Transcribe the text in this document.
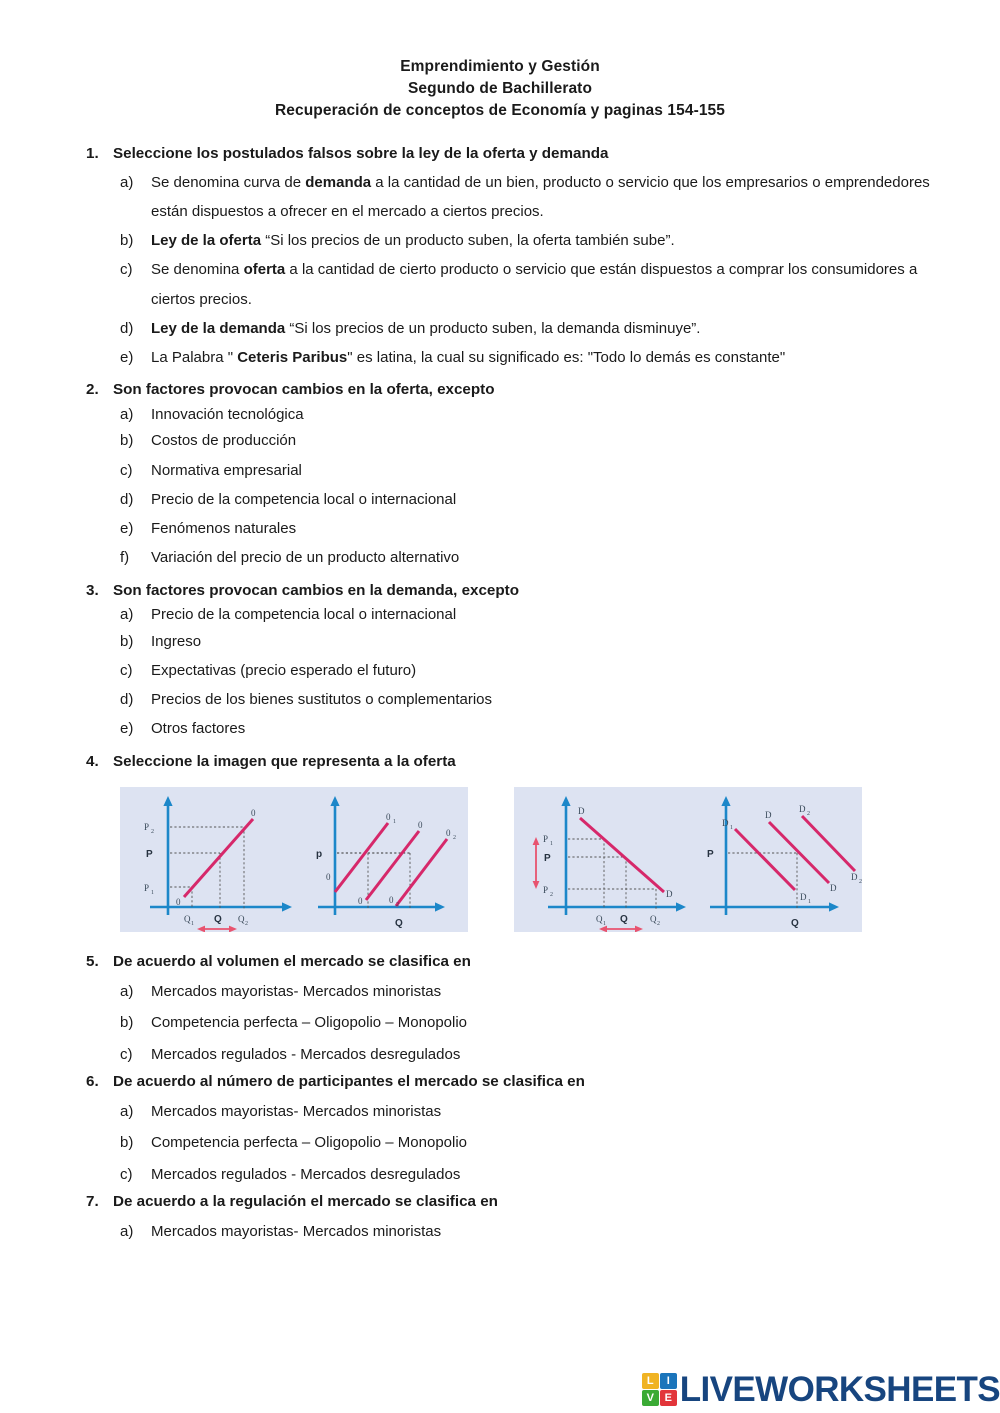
Emprendimiento y Gestión
Segundo de Bachillerato
Recuperación de conceptos de Economía y paginas 154-155
1. Seleccione los postulados falsos sobre la ley de la oferta y demanda
a)	Se denomina curva de demanda a la cantidad de un bien, producto o servicio que los empresarios o emprendedores están dispuestos a ofrecer en el mercado a ciertos precios.
b)	Ley de la oferta “Si los precios de un producto suben, la oferta también sube”.
c)	Se denomina oferta a la cantidad de cierto producto o servicio que están dispuestos a comprar los consumidores a ciertos precios.
d)	Ley de la demanda “Si los precios de un producto suben, la demanda disminuye”.
e)	La Palabra " Ceteris Paribus" es latina, la cual su significado es: "Todo lo demás es constante"
2. Son factores provocan cambios en la oferta, excepto
a)	Innovación tecnológica
b)	Costos de producción
c)	Normativa empresarial
d)	Precio de la competencia local o internacional
e)	Fenómenos naturales
f)	Variación del precio de un producto alternativo
3. Son factores provocan cambios en la demanda, excepto
a)	Precio de la competencia local o internacional
b)	Ingreso
c)	Expectativas (precio esperado el futuro)
d)	Precios de los bienes sustitutos o complementarios
e)	Otros factores
4. Seleccione la imagen que representa a la oferta
P 2
P
P 1
0
0
Q 1 Q Q 2
p
0 1 0
0 2
0
0	0 2
Q
D
D
P 1
P
P 2
Q 1 Q Q 2
D 1
D
D 2
D 1
D
D 2
P
Q
5. De acuerdo al volumen el mercado se clasifica en
a)	Mercados mayoristas- Mercados minoristas
b)	Competencia perfecta – Oligopolio – Monopolio
c)	Mercados regulados - Mercados desregulados
6. De acuerdo al número de participantes el mercado se clasifica en
a)	Mercados mayoristas- Mercados minoristas
b)	Competencia perfecta – Oligopolio – Monopolio
c)	Mercados regulados - Mercados desregulados
7. De acuerdo a la regulación el mercado se clasifica en
a)	Mercados mayoristas- Mercados minoristas
L	I
V E LIVEWORKSHEETS
